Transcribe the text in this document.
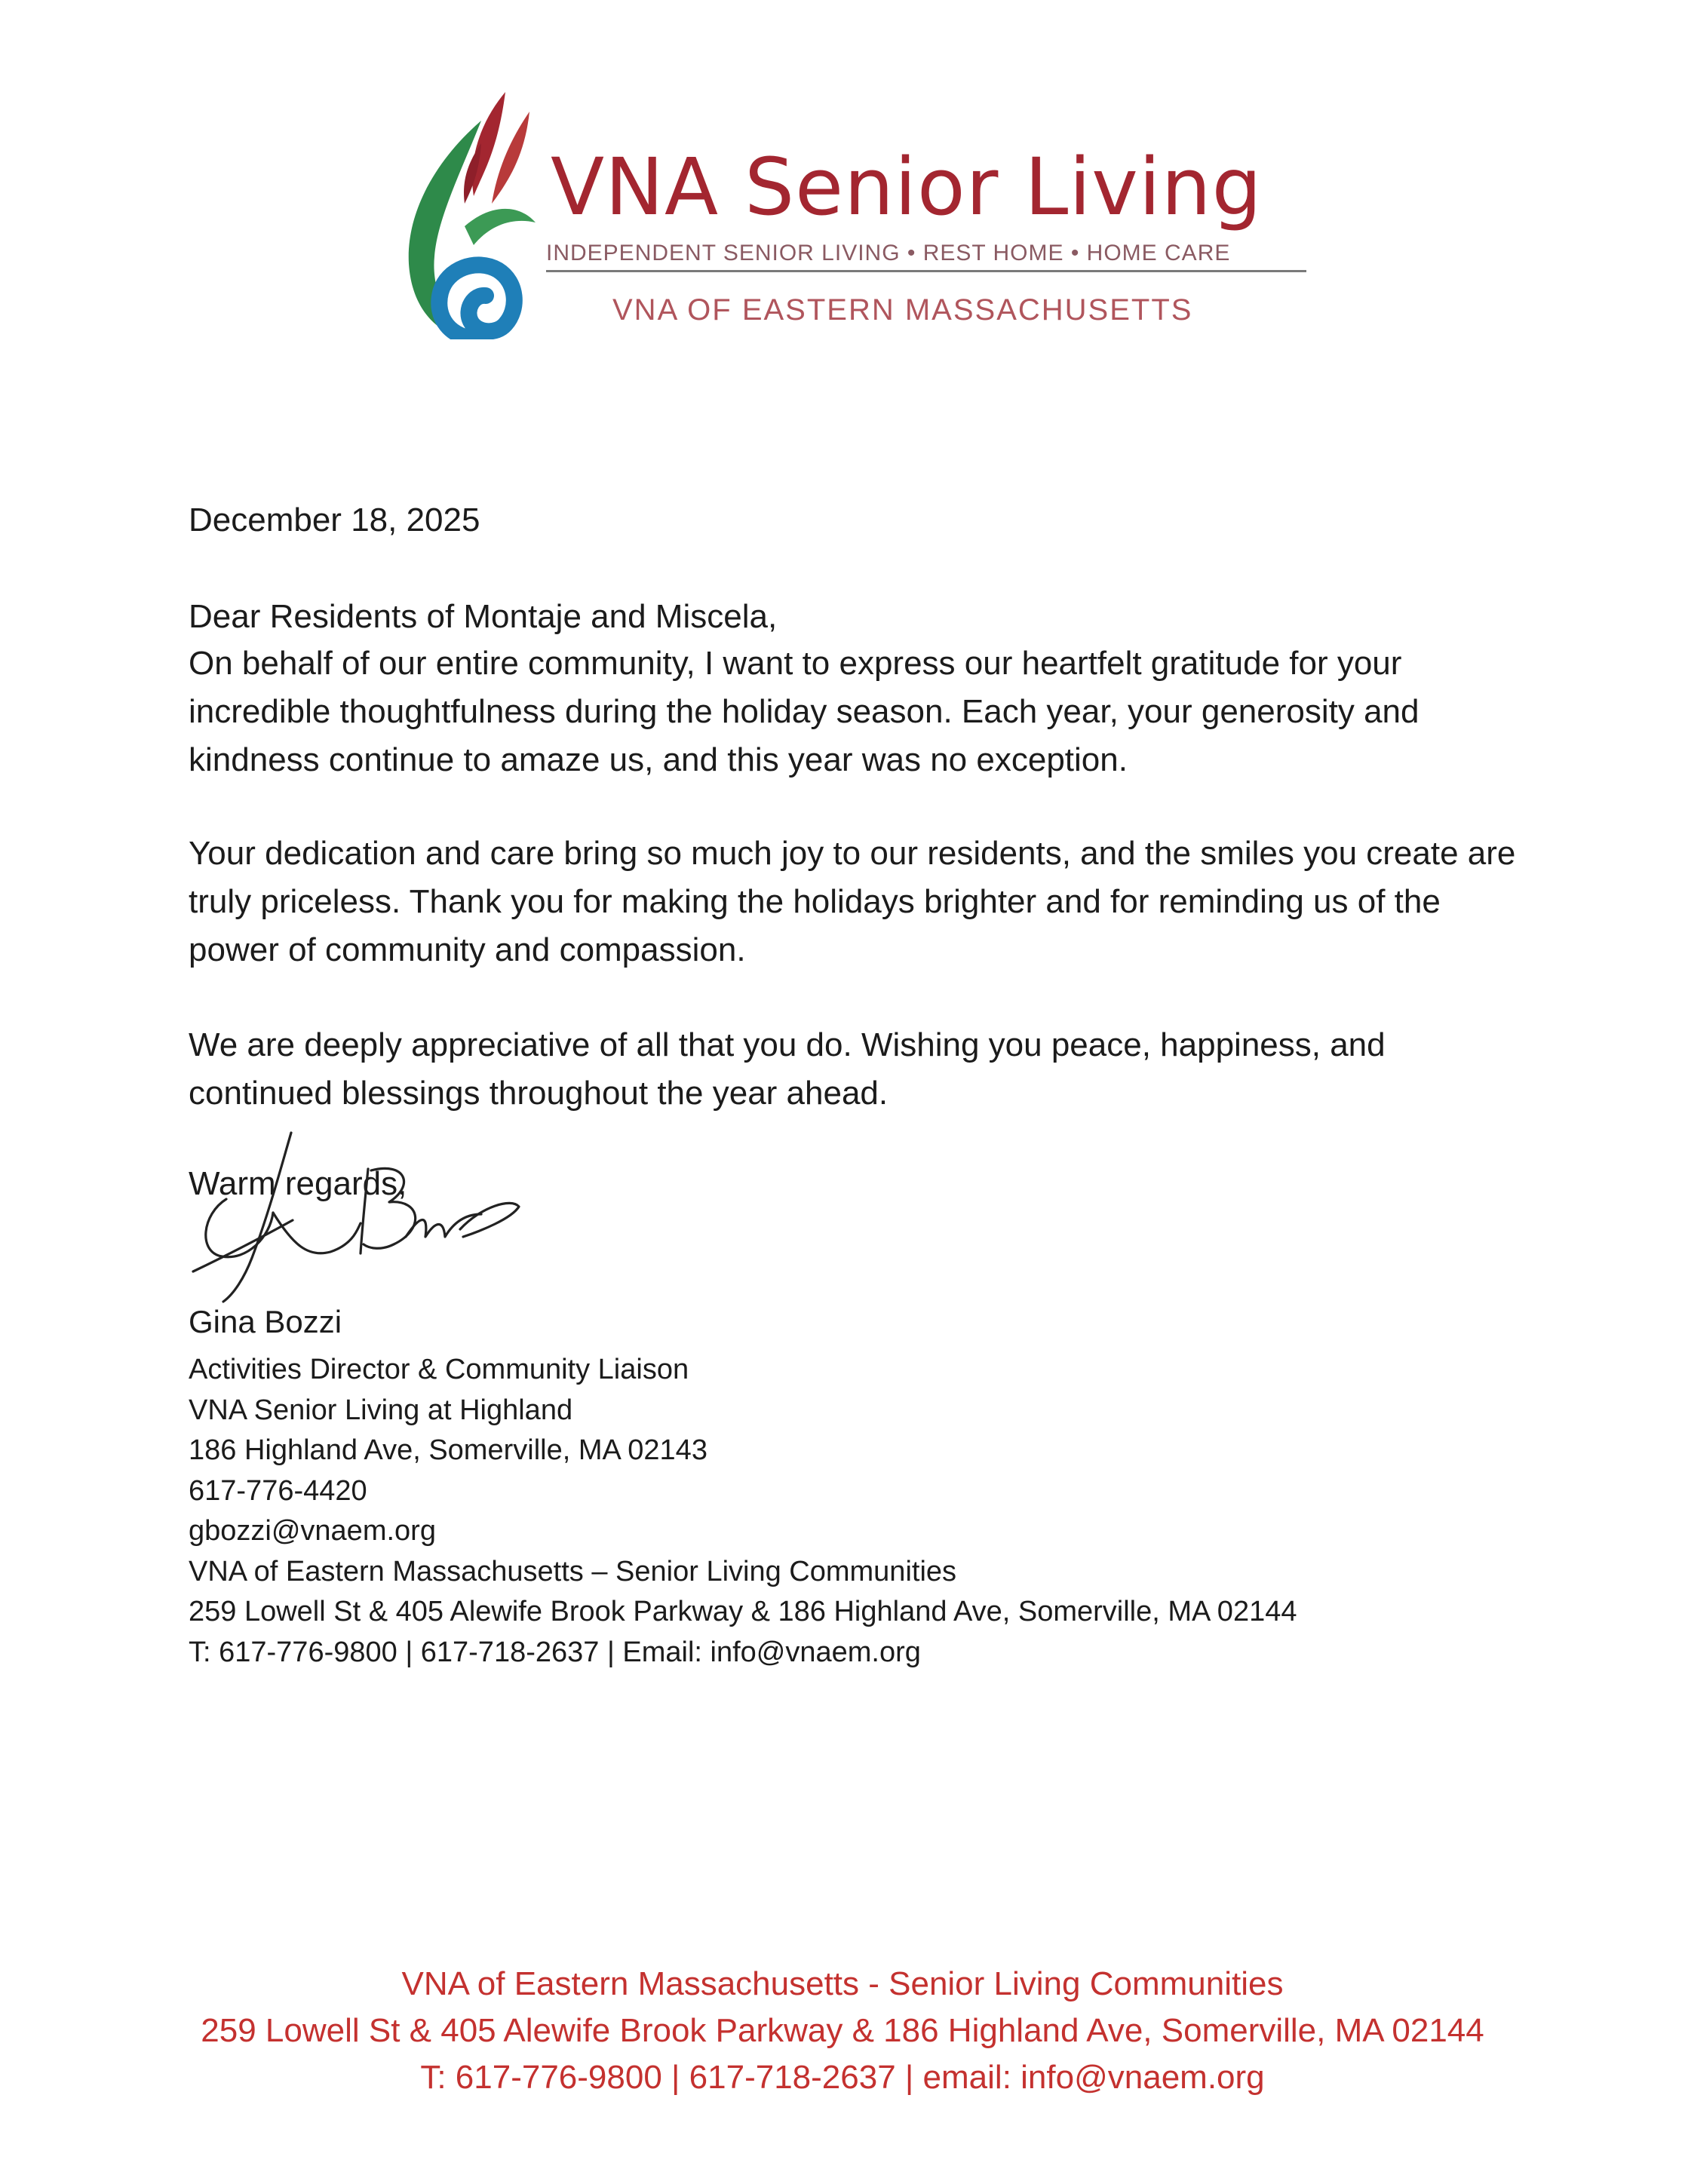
VNA Senior Living
INDEPENDENT SENIOR LIVING • REST HOME • HOME CARE
VNA OF EASTERN MASSACHUSETTS
December 18, 2025
Dear Residents of Montaje and Miscela,
On behalf of our entire community, I want to express our heartfelt gratitude for your incredible thoughtfulness during the holiday season. Each year, your generosity and kindness continue to amaze us, and this year was no exception.
Your dedication and care bring so much joy to our residents, and the smiles you create are truly priceless. Thank you for making the holidays brighter and for reminding us of the power of community and compassion.
We are deeply appreciative of all that you do. Wishing you peace, happiness, and continued blessings throughout the year ahead.
Warm regards,
Gina Bozzi
Activities Director & Community Liaison
VNA Senior Living at Highland
186 Highland Ave, Somerville, MA 02143
617-776-4420
gbozzi@vnaem.org
VNA of Eastern Massachusetts – Senior Living Communities
259 Lowell St & 405 Alewife Brook Parkway & 186 Highland Ave, Somerville, MA 02144
T: 617-776-9800 | 617-718-2637 | Email: info@vnaem.org
VNA of Eastern Massachusetts - Senior Living Communities
259 Lowell St & 405 Alewife Brook Parkway & 186 Highland Ave, Somerville, MA 02144
T: 617-776-9800 | 617-718-2637 | email: info@vnaem.org
